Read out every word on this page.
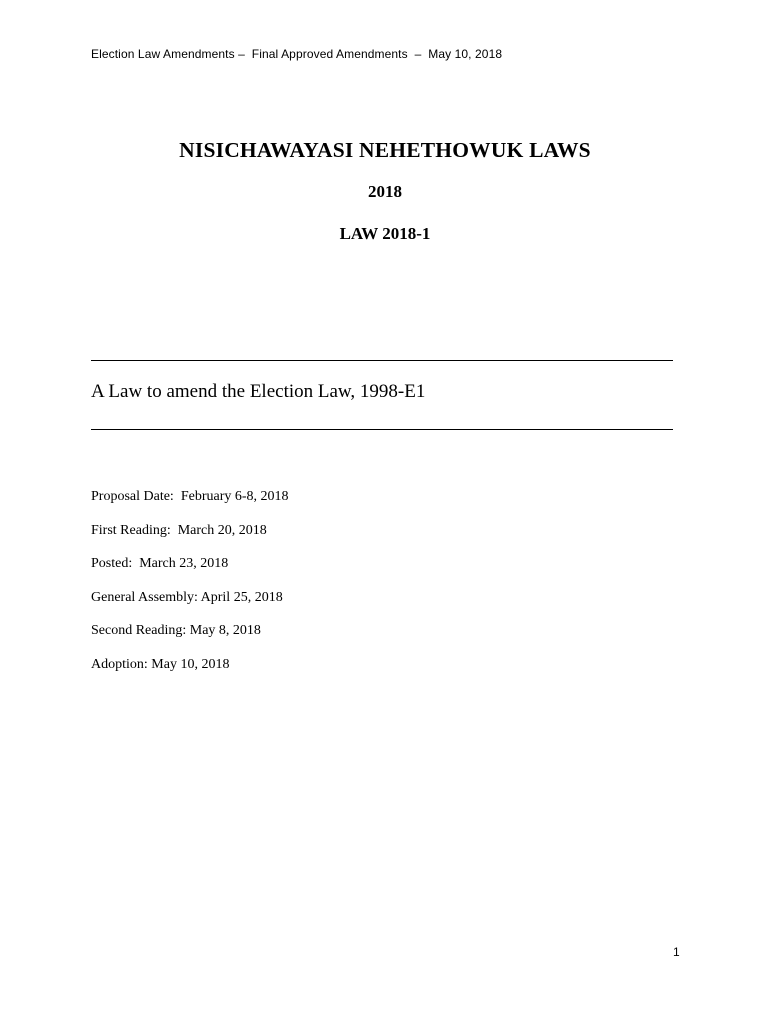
Election Law Amendments –  Final Approved Amendments  –  May 10, 2018
NISICHAWAYASI NEHETHOWUK LAWS
2018
LAW 2018-1
A Law to amend the Election Law, 1998-E1
Proposal Date:  February 6-8, 2018
First Reading:  March 20, 2018
Posted:  March 23, 2018
General Assembly: April 25, 2018
Second Reading: May 8, 2018
Adoption: May 10, 2018
1
